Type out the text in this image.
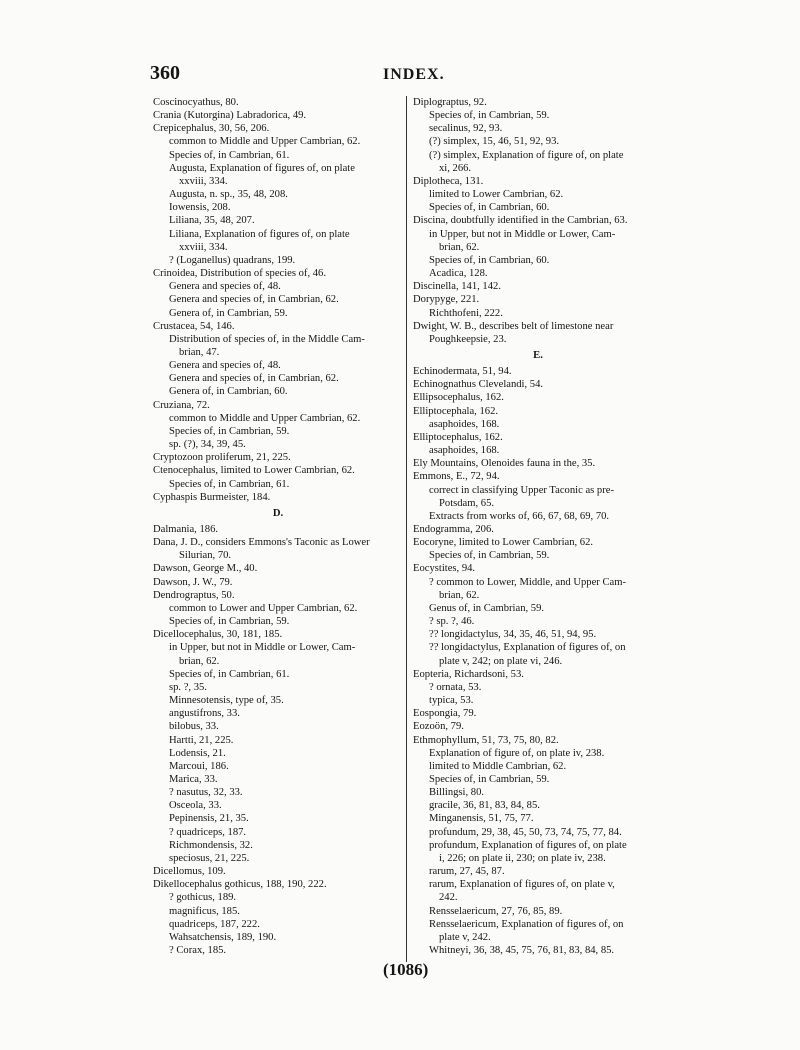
360	INDEX.
Coscinocyathus, 80.
Crania (Kutorgina) Labradorica, 49.
Crepicephalus, 30, 56, 206.
common to Middle and Upper Cambrian, 62.
Species of, in Cambrian, 61.
Augusta, Explanation of figures of, on plate
xxviii, 334.
Augusta, n. sp., 35, 48, 208.
Iowensis, 208.
Liliana, 35, 48, 207.
Liliana, Explanation of figures of, on plate
xxviii, 334.
? (Loganellus) quadrans, 199.
Crinoidea, Distribution of species of, 46.
Genera and species of, 48.
Genera and species of, in Cambrian, 62.
Genera of, in Cambrian, 59.
Crustacea, 54, 146.
Distribution of species of, in the Middle Cam-
brian, 47.
Genera and species of, 48.
Genera and species of, in Cambrian, 62.
Genera of, in Cambrian, 60.
Cruziana, 72.
common to Middle and Upper Cambrian, 62.
Species of, in Cambrian, 59.
sp. (?), 34, 39, 45.
Cryptozoon proliferum, 21, 225.
Ctenocephalus, limited to Lower Cambrian, 62.
Species of, in Cambrian, 61.
Cyphaspis Burmeister, 184.
D.
Dalmania, 186.
Dana, J. D., considers Emmons's Taconic as Lower
Silurian, 70.
Dawson, George M., 40.
Dawson, J. W., 79.
Dendrograptus, 50.
common to Lower and Upper Cambrian, 62.
Species of, in Cambrian, 59.
Dicellocephalus, 30, 181, 185.
in Upper, but not in Middle or Lower, Cam-
brian, 62.
Species of, in Cambrian, 61.
sp. ?, 35.
Minnesotensis, type of, 35.
angustifrons, 33.
bilobus, 33.
Hartti, 21, 225.
Lodensis, 21.
Marcoui, 186.
Marica, 33.
? nasutus, 32, 33.
Osceola, 33.
Pepinensis, 21, 35.
? quadriceps, 187.
Richmondensis, 32.
speciosus, 21, 225.
Dicellomus, 109.
Dikellocephalus gothicus, 188, 190, 222.
? gothicus, 189.
magnificus, 185.
quadriceps, 187, 222.
Wahsatchensis, 189, 190.
? Corax, 185.
Diplograptus, 92.
Species of, in Cambrian, 59.
secalinus, 92, 93.
(?) simplex, 15, 46, 51, 92, 93.
(?) simplex, Explanation of figure of, on plate
xi, 266.
Diplotheca, 131.
limited to Lower Cambrian, 62.
Species of, in Cambrian, 60.
Discina, doubtfully identified in the Cambrian, 63.
in Upper, but not in Middle or Lower, Cam-
brian, 62.
Species of, in Cambrian, 60.
Acadica, 128.
Discinella, 141, 142.
Dorypyge, 221.
Richthofeni, 222.
Dwight, W. B., describes belt of limestone near
Poughkeepsie, 23.
E.
Echinodermata, 51, 94.
Echinognathus Clevelandi, 54.
Ellipsocephalus, 162.
Elliptocephala, 162.
asaphoides, 168.
Elliptocephalus, 162.
asaphoides, 168.
Ely Mountains, Olenoides fauna in the, 35.
Emmons, E., 72, 94.
correct in classifying Upper Taconic as pre-
Potsdam, 65.
Extracts from works of, 66, 67, 68, 69, 70.
Endogramma, 206.
Eocoryne, limited to Lower Cambrian, 62.
Species of, in Cambrian, 59.
Eocystites, 94.
? common to Lower, Middle, and Upper Cam-
brian, 62.
Genus of, in Cambrian, 59.
? sp. ?, 46.
?? longidactylus, 34, 35, 46, 51, 94, 95.
?? longidactylus, Explanation of figures of, on
plate v, 242; on plate vi, 246.
Eopteria, Richardsoni, 53.
? ornata, 53.
typica, 53.
Eospongia, 79.
Eozoön, 79.
Ethmophyllum, 51, 73, 75, 80, 82.
Explanation of figure of, on plate iv, 238.
limited to Middle Cambrian, 62.
Species of, in Cambrian, 59.
Billingsi, 80.
gracile, 36, 81, 83, 84, 85.
Minganensis, 51, 75, 77.
profundum, 29, 38, 45, 50, 73, 74, 75, 77, 84.
profundum, Explanation of figures of, on plate
i, 226; on plate ii, 230; on plate iv, 238.
rarum, 27, 45, 87.
rarum, Explanation of figures of, on plate v,
242.
Rensselaericum, 27, 76, 85, 89.
Rensselaericum, Explanation of figures of, on
plate v, 242.
Whitneyi, 36, 38, 45, 75, 76, 81, 83, 84, 85.
(1086)
